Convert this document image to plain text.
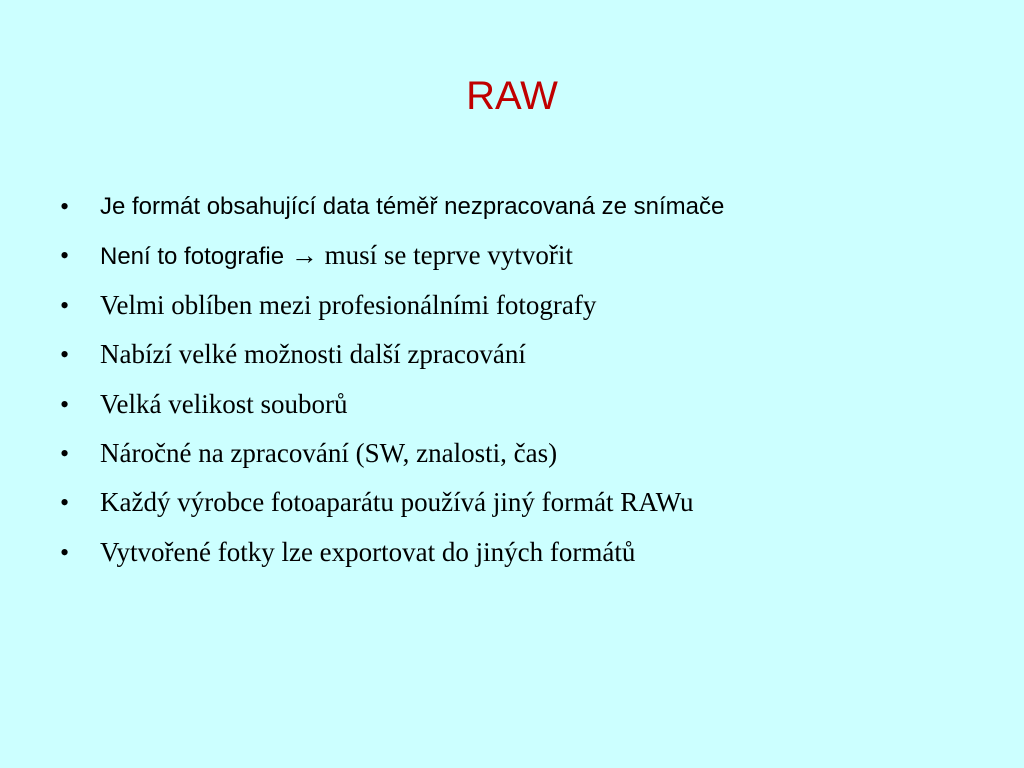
RAW
• Je formát obsahující data téměř nezpracovaná ze snímače
• Není to fotografie → musí se teprve vytvořit
• Velmi oblíben mezi profesionálními fotografy
• Nabízí velké možnosti další zpracování
• Velká velikost souborů
• Náročné na zpracování (SW, znalosti, čas)
• Každý výrobce fotoaparátu používá jiný formát RAWu
• Vytvořené fotky lze exportovat do jiných formátů
